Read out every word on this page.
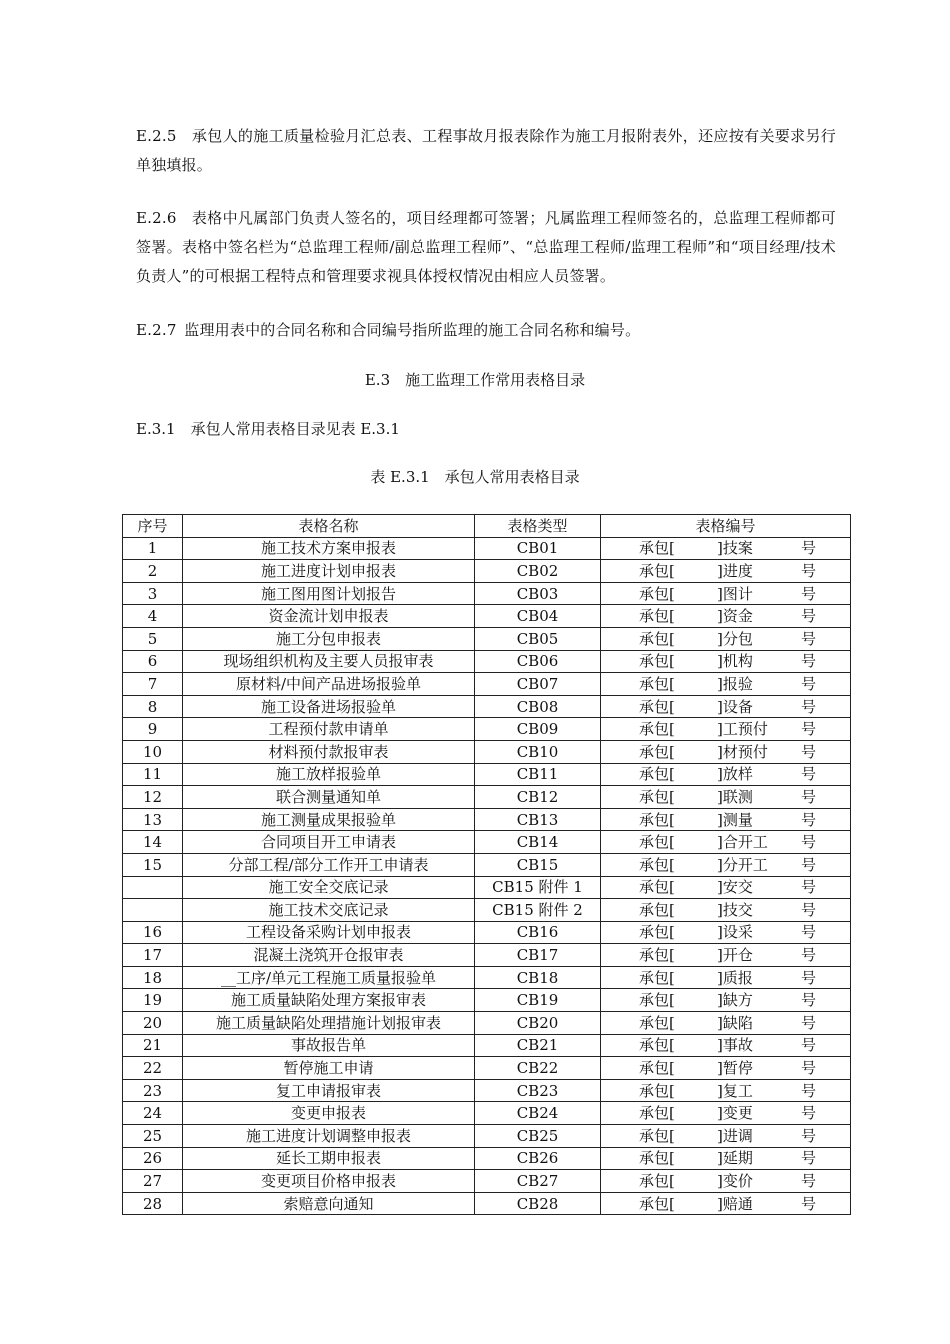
E.2.5  承包人的施工质量检验月汇总表、工程事故月报表除作为施工月报附表外，还应按有关要求另行单独填报。

E.2.6  表格中凡属部门负责人签名的，项目经理都可签署；凡属监理工程师签名的，总监理工程师都可签署。表格中签名栏为“总监理工程师/副总监理工程师”、“总监理工程师/监理工程师”和“项目经理/技术负责人”的可根据工程特点和管理要求视具体授权情况由相应人员签署。

E.2.7  监理用表中的合同名称和合同编号指所监理的施工合同名称和编号。

E.3　施工监理工作常用表格目录

E.3.1　承包人常用表格目录见表 E.3.1

表 E.3.1　承包人常用表格目录

序号	表格名称	表格类型	表格编号
1	施工技术方案申报表	CB01	承包[ ]技案 号
2	施工进度计划申报表	CB02	承包[ ]进度 号
3	施工图用图计划报告	CB03	承包[ ]图计 号
4	资金流计划申报表	CB04	承包[ ]资金 号
5	施工分包申报表	CB05	承包[ ]分包 号
6	现场组织机构及主要人员报审表	CB06	承包[ ]机构 号
7	原材料/中间产品进场报验单	CB07	承包[ ]报验 号
8	施工设备进场报验单	CB08	承包[ ]设备 号
9	工程预付款申请单	CB09	承包[ ]工预付 号
10	材料预付款报审表	CB10	承包[ ]材预付 号
11	施工放样报验单	CB11	承包[ ]放样 号
12	联合测量通知单	CB12	承包[ ]联测 号
13	施工测量成果报验单	CB13	承包[ ]测量 号
14	合同项目开工申请表	CB14	承包[ ]合开工 号
15	分部工程/部分工作开工申请表	CB15	承包[ ]分开工 号
	施工安全交底记录	CB15 附件 1	承包[ ]安交 号
	施工技术交底记录	CB15 附件 2	承包[ ]技交 号
16	工程设备采购计划申报表	CB16	承包[ ]设采 号
17	混凝土浇筑开仓报审表	CB17	承包[ ]开仓 号
18	__工序/单元工程施工质量报验单	CB18	承包[ ]质报 号
19	施工质量缺陷处理方案报审表	CB19	承包[ ]缺方 号
20	施工质量缺陷处理措施计划报审表	CB20	承包[ ]缺陷 号
21	事故报告单	CB21	承包[ ]事故 号
22	暂停施工申请	CB22	承包[ ]暂停 号
23	复工申请报审表	CB23	承包[ ]复工 号
24	变更申报表	CB24	承包[ ]变更 号
25	施工进度计划调整申报表	CB25	承包[ ]进调 号
26	延长工期申报表	CB26	承包[ ]延期 号
27	变更项目价格申报表	CB27	承包[ ]变价 号
28	索赔意向通知	CB28	承包[ ]赔通 号
